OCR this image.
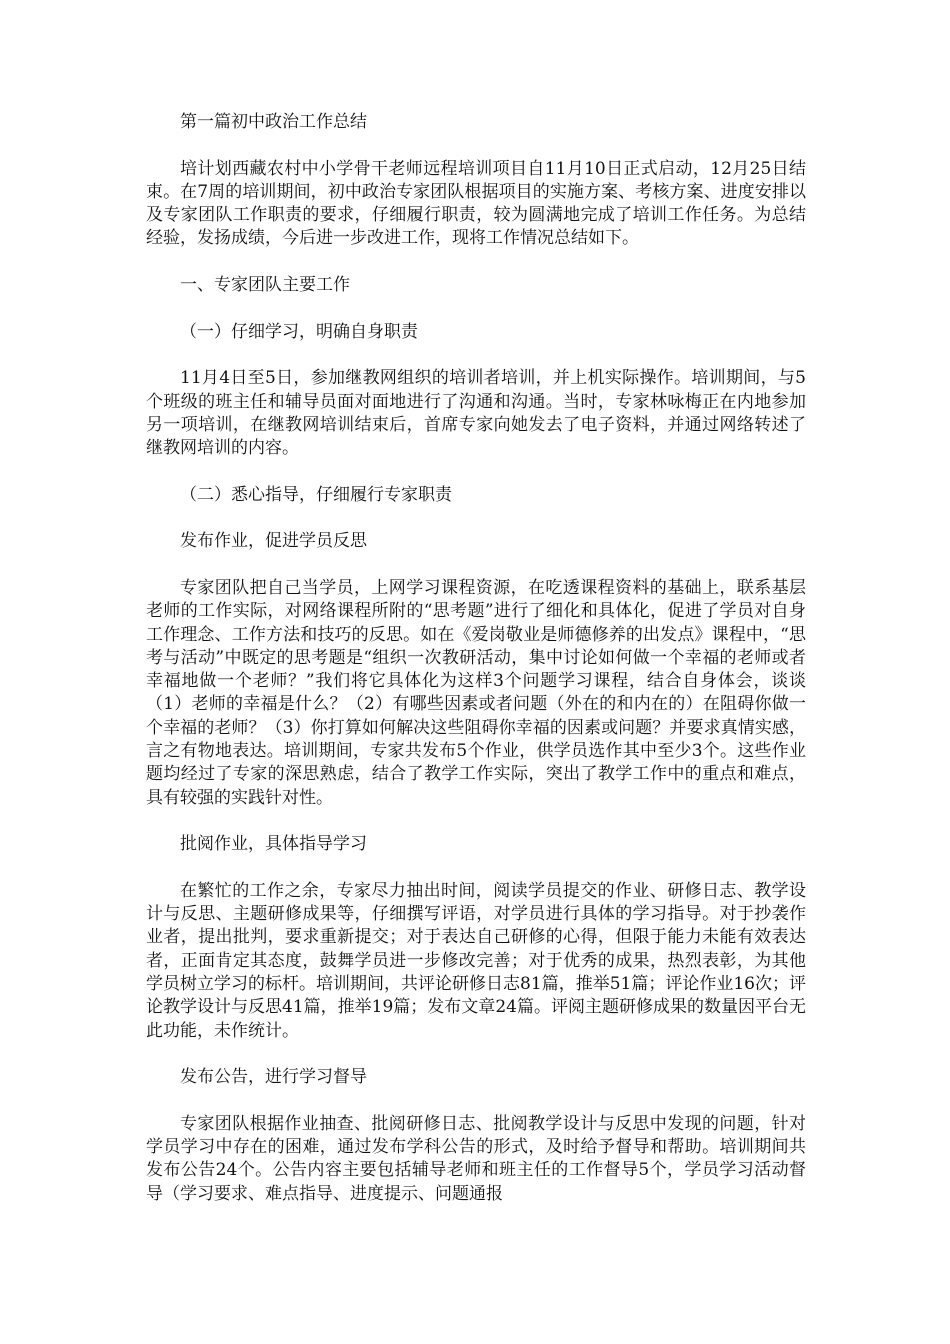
第一篇初中政治工作总结

培计划西藏农村中小学骨干老师远程培训项目自11月10日正式启动，12月25日结束。在7周的培训期间，初中政治专家团队根据项目的实施方案、考核方案、进度安排以及专家团队工作职责的要求，仔细履行职责，较为圆满地完成了培训工作任务。为总结经验，发扬成绩，今后进一步改进工作，现将工作情况总结如下。

一、专家团队主要工作

（一）仔细学习，明确自身职责

11月4日至5日，参加继教网组织的培训者培训，并上机实际操作。培训期间，与5个班级的班主任和辅导员面对面地进行了沟通和沟通。当时，专家林咏梅正在内地参加另一项培训，在继教网培训结束后，首席专家向她发去了电子资料，并通过网络转述了继教网培训的内容。

（二）悉心指导，仔细履行专家职责

发布作业，促进学员反思

专家团队把自己当学员，上网学习课程资源，在吃透课程资料的基础上，联系基层老师的工作实际，对网络课程所附的“思考题”进行了细化和具体化，促进了学员对自身工作理念、工作方法和技巧的反思。如在《爱岗敬业是师德修养的出发点》课程中，“思考与活动”中既定的思考题是“组织一次教研活动，集中讨论如何做一个幸福的老师或者幸福地做一个老师？”我们将它具体化为这样3个问题学习课程，结合自身体会，谈谈（1）老师的幸福是什么？（2）有哪些因素或者问题（外在的和内在的）在阻碍你做一个幸福的老师？（3）你打算如何解决这些阻碍你幸福的因素或问题？并要求真情实感，言之有物地表达。培训期间，专家共发布5个作业，供学员选作其中至少3个。这些作业题均经过了专家的深思熟虑，结合了教学工作实际，突出了教学工作中的重点和难点，具有较强的实践针对性。

批阅作业，具体指导学习

在繁忙的工作之余，专家尽力抽出时间，阅读学员提交的作业、研修日志、教学设计与反思、主题研修成果等，仔细撰写评语，对学员进行具体的学习指导。对于抄袭作业者，提出批判，要求重新提交；对于表达自己研修的心得，但限于能力未能有效表达者，正面肯定其态度，鼓舞学员进一步修改完善；对于优秀的成果，热烈表彰，为其他学员树立学习的标杆。培训期间，共评论研修日志81篇，推举51篇；评论作业16次；评论教学设计与反思41篇，推举19篇；发布文章24篇。评阅主题研修成果的数量因平台无此功能，未作统计。

发布公告，进行学习督导

专家团队根据作业抽查、批阅研修日志、批阅教学设计与反思中发现的问题，针对学员学习中存在的困难，通过发布学科公告的形式，及时给予督导和帮助。培训期间共发布公告24个。公告内容主要包括辅导老师和班主任的工作督导5个，学员学习活动督导（学习要求、难点指导、进度提示、问题通报
